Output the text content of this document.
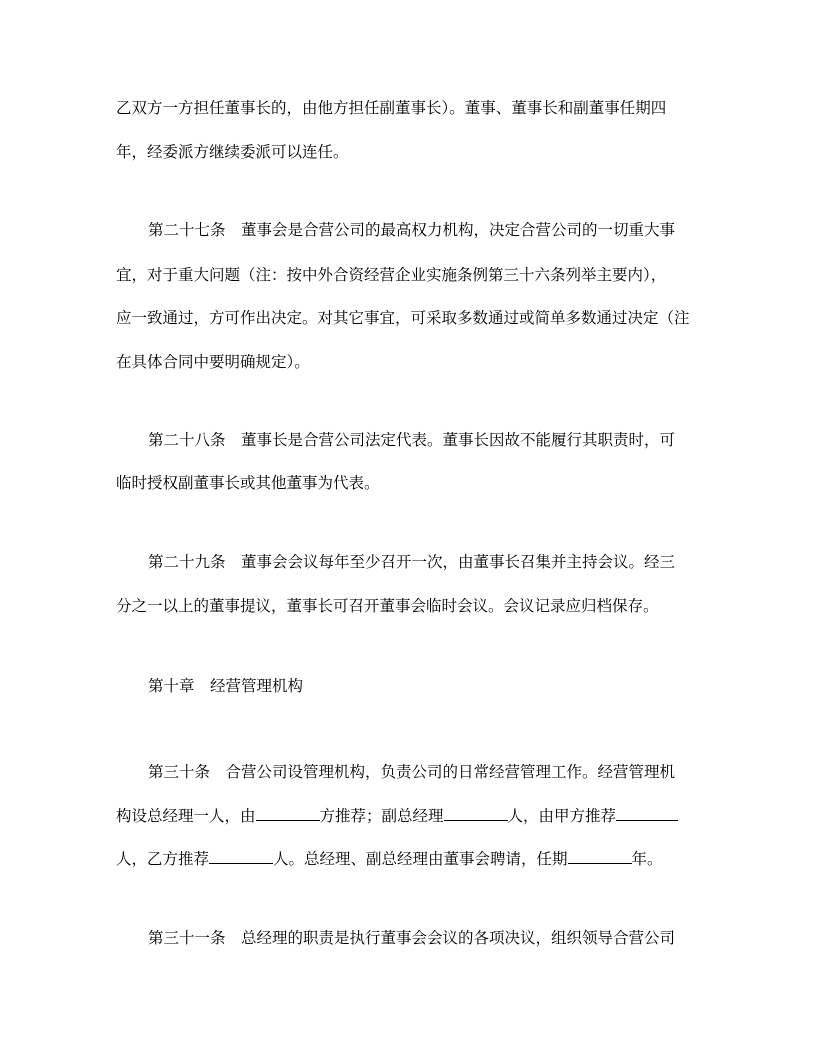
乙双方一方担任董事长的，由他方担任副董事长）。董事、董事长和副董事任期四
年，经委派方继续委派可以连任。
第二十七条　董事会是合营公司的最高权力机构，决定合营公司的一切重大事
宜，对于重大问题（注：按中外合资经营企业实施条例第三十六条列举主要内），
应一致通过，方可作出决定。对其它事宜，可采取多数通过或简单多数通过决定（注
在具体合同中要明确规定）。
第二十八条　董事长是合营公司法定代表。董事长因故不能履行其职责时，可
临时授权副董事长或其他董事为代表。
第二十九条　董事会会议每年至少召开一次，由董事长召集并主持会议。经三
分之一以上的董事提议，董事长可召开董事会临时会议。会议记录应归档保存。
第十章　经营管理机构
第三十条　合营公司设管理机构，负责公司的日常经营管理工作。经营管理机
构设总经理一人，由	方推荐；副总经理	人，由甲方推荐
人，乙方推荐	人。总经理、副总经理由董事会聘请，任期	年。
第三十一条　总经理的职责是执行董事会会议的各项决议，组织领导合营公司
